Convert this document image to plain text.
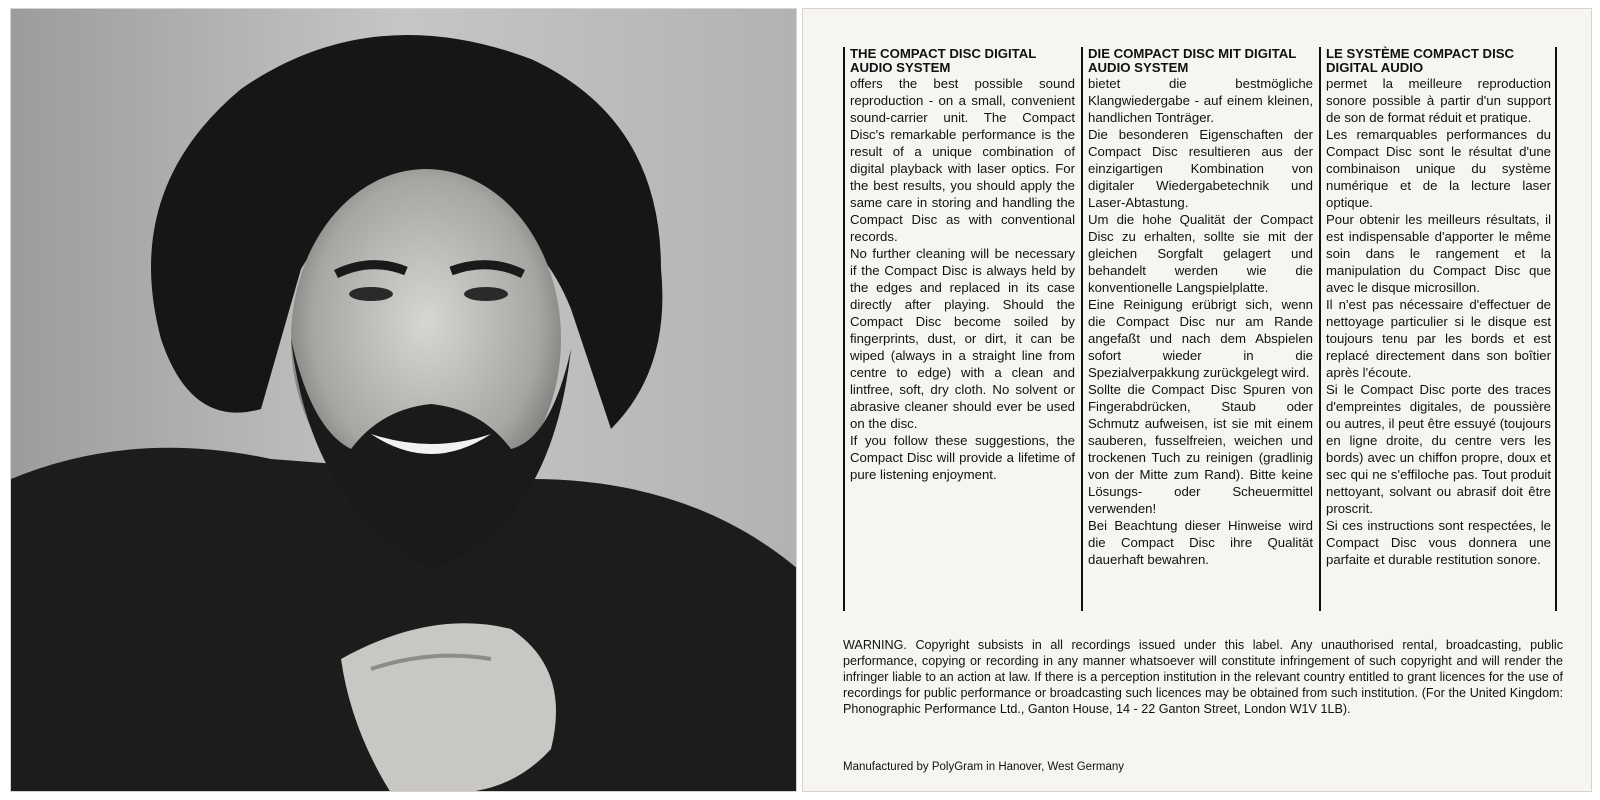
THE COMPACT DISC DIGITAL AUDIO SYSTEM

offers the best possible sound reproduction - on a small, convenient sound-carrier unit. The Compact Disc's remarkable performance is the result of a unique combination of digital playback with laser optics. For the best results, you should apply the same care in storing and handling the Compact Disc as with conventional records.

No further cleaning will be necessary if the Compact Disc is always held by the edges and replaced in its case directly after playing. Should the Compact Disc become soiled by fingerprints, dust, or dirt, it can be wiped (always in a straight line from centre to edge) with a clean and lintfree, soft, dry cloth. No solvent or abrasive cleaner should ever be used on the disc.

If you follow these suggestions, the Compact Disc will provide a lifetime of pure listening enjoyment.

DIE COMPACT DISC MIT DIGITAL AUDIO SYSTEM

bietet die bestmögliche Klangwiedergabe - auf einem kleinen, handlichen Tonträger.

Die besonderen Eigenschaften der Compact Disc resultieren aus der einzigartigen Kombination von digitaler Wiedergabetechnik und Laser-Abtastung.

Um die hohe Qualität der Compact Disc zu erhalten, sollte sie mit der gleichen Sorgfalt gelagert und behandelt werden wie die konventionelle Langspielplatte.

Eine Reinigung erübrigt sich, wenn die Compact Disc nur am Rande angefaßt und nach dem Abspielen sofort wieder in die Spezialverpakkung zurückgelegt wird.

Sollte die Compact Disc Spuren von Fingerabdrücken, Staub oder Schmutz aufweisen, ist sie mit einem sauberen, fusselfreien, weichen und trockenen Tuch zu reinigen (gradlinig von der Mitte zum Rand). Bitte keine Lösungs- oder Scheuermittel verwenden!

Bei Beachtung dieser Hinweise wird die Compact Disc ihre Qualität dauerhaft bewahren.

LE SYSTÈME COMPACT DISC DIGITAL AUDIO

permet la meilleure reproduction sonore possible à partir d'un support de son de format réduit et pratique.

Les remarquables performances du Compact Disc sont le résultat d'une combinaison unique du système numérique et de la lecture laser optique.

Pour obtenir les meilleurs résultats, il est indispensable d'apporter le même soin dans le rangement et la manipulation du Compact Disc que avec le disque microsillon.

Il n'est pas nécessaire d'effectuer de nettoyage particulier si le disque est toujours tenu par les bords et est replacé directement dans son boîtier après l'écoute.

Si le Compact Disc porte des traces d'empreintes digitales, de poussière ou autres, il peut être essuyé (toujours en ligne droite, du centre vers les bords) avec un chiffon propre, doux et sec qui ne s'effiloche pas. Tout produit nettoyant, solvant ou abrasif doit être proscrit.

Si ces instructions sont respectées, le Compact Disc vous donnera une parfaite et durable restitution sonore.

WARNING. Copyright subsists in all recordings issued under this label. Any unauthorised rental, broadcasting, public performance, copying or recording in any manner whatsoever will constitute infringement of such copyright and will render the infringer liable to an action at law. If there is a perception institution in the relevant country entitled to grant licences for the use of recordings for public performance or broadcasting such licences may be obtained from such institution. (For the United Kingdom: Phonographic Performance Ltd., Ganton House, 14 - 22 Ganton Street, London W1V 1LB).

Manufactured by PolyGram in Hanover, West Germany
